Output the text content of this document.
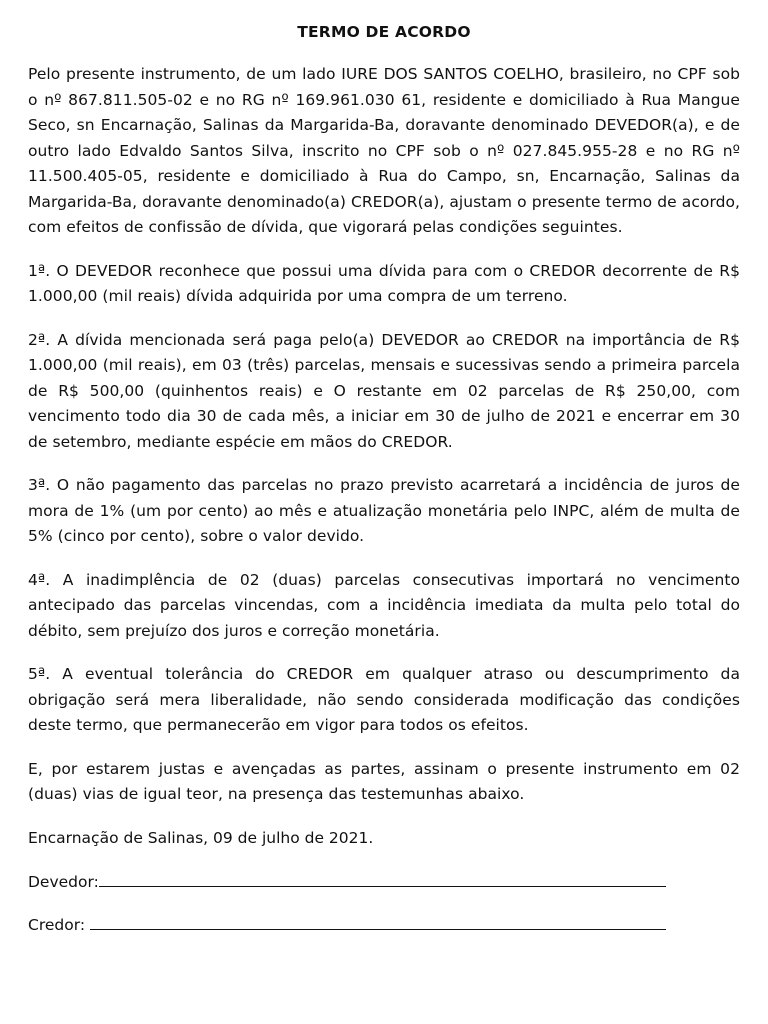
TERMO DE ACORDO

Pelo presente instrumento, de um lado IURE DOS SANTOS COELHO, brasileiro, no CPF sob o nº 867.811.505-02 e no RG nº 169.961.030 61, residente e domiciliado à Rua Mangue Seco, sn Encarnação, Salinas da Margarida-Ba, doravante denominado DEVEDOR(a), e de outro lado Edvaldo Santos Silva, inscrito no CPF sob o nº 027.845.955-28 e no RG nº 11.500.405-05, residente e domiciliado à Rua do Campo, sn, Encarnação, Salinas da Margarida-Ba, doravante denominado(a) CREDOR(a), ajustam o presente termo de acordo, com efeitos de confissão de dívida, que vigorará pelas condições seguintes.

1ª. O DEVEDOR reconhece que possui uma dívida para com o CREDOR decorrente de R$ 1.000,00 (mil reais) dívida adquirida por uma compra de um terreno.

2ª. A dívida mencionada será paga pelo(a) DEVEDOR ao CREDOR na importância de R$ 1.000,00 (mil reais), em 03 (três) parcelas, mensais e sucessivas sendo a primeira parcela de R$ 500,00 (quinhentos reais) e O restante em 02 parcelas de R$ 250,00, com vencimento todo dia 30 de cada mês, a iniciar em 30 de julho de 2021 e encerrar em 30 de setembro, mediante espécie em mãos do CREDOR.

3ª. O não pagamento das parcelas no prazo previsto acarretará a incidência de juros de mora de 1% (um por cento) ao mês e atualização monetária pelo INPC, além de multa de 5% (cinco por cento), sobre o valor devido.

4ª. A inadimplência de 02 (duas) parcelas consecutivas importará no vencimento antecipado das parcelas vincendas, com a incidência imediata da multa pelo total do débito, sem prejuízo dos juros e correção monetária.

5ª. A eventual tolerância do CREDOR em qualquer atraso ou descumprimento da obrigação será mera liberalidade, não sendo considerada modificação das condições deste termo, que permanecerão em vigor para todos os efeitos.

E, por estarem justas e avençadas as partes, assinam o presente instrumento em 02 (duas) vias de igual teor, na presença das testemunhas abaixo.

Encarnação de Salinas, 09 de julho de 2021.
Devedor:
Credor:
